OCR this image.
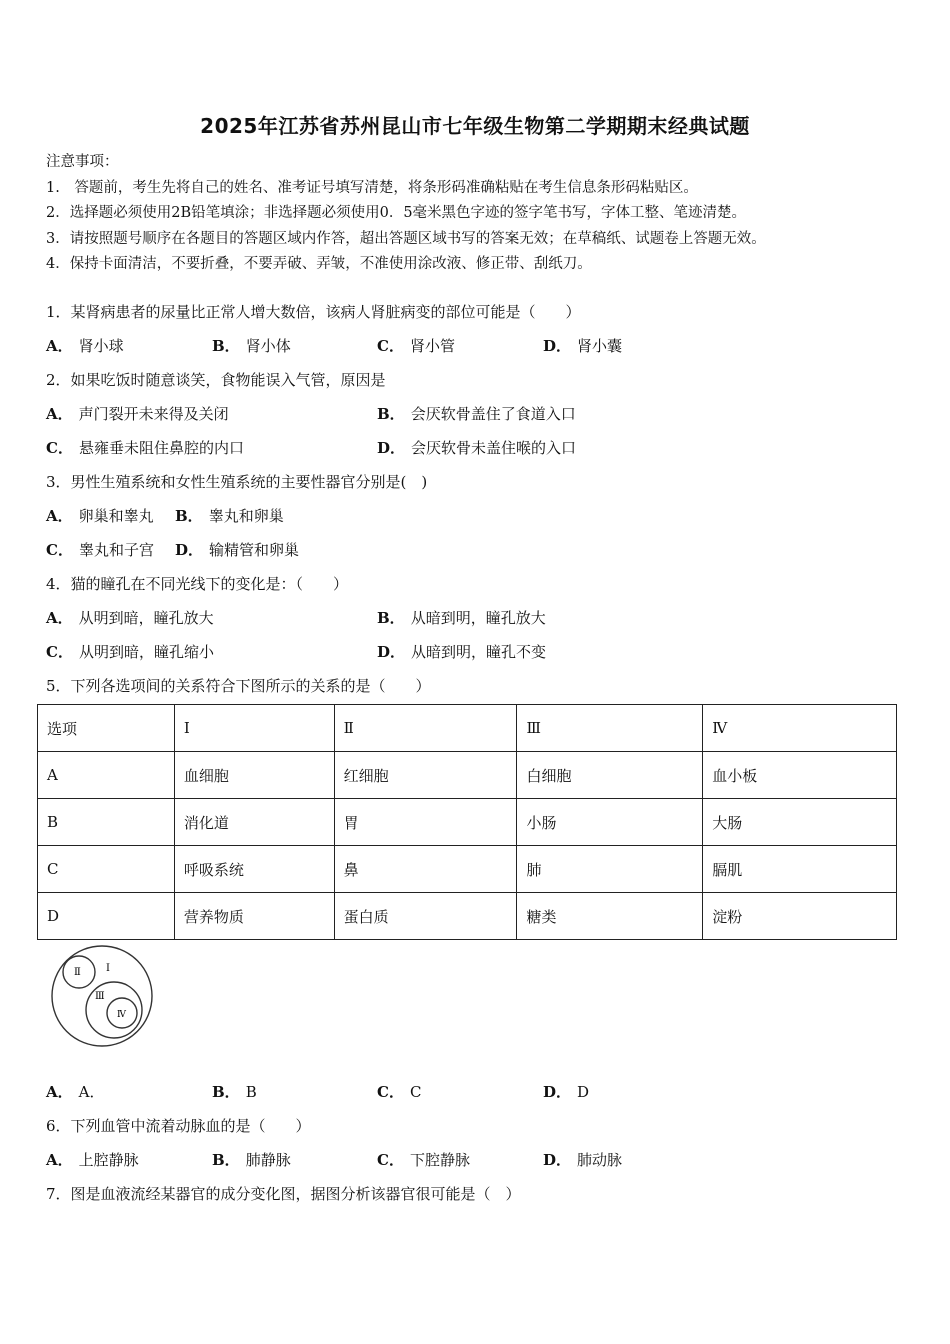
2025年江苏省苏州昆山市七年级生物第二学期期末经典试题
注意事项：
1.　答题前，考生先将自己的姓名、准考证号填写清楚，将条形码准确粘贴在考生信息条形码粘贴区。
2．选择题必须使用2B铅笔填涂；非选择题必须使用0．5毫米黑色字迹的签字笔书写，字体工整、笔迹清楚。
3．请按照题号顺序在各题目的答题区域内作答，超出答题区域书写的答案无效；在草稿纸、试题卷上答题无效。
4．保持卡面清洁，不要折叠，不要弄破、弄皱，不准使用涂改液、修正带、刮纸刀。
1．某肾病患者的尿量比正常人增大数倍，该病人肾脏病变的部位可能是（　　）
A． 肾小球	B． 肾小体	C． 肾小管	D． 肾小囊
2．如果吃饭时随意谈笑，食物能误入气管，原因是
A． 声门裂开未来得及关闭	B． 会厌软骨盖住了食道入口
C． 悬雍垂未阻住鼻腔的内口	D． 会厌软骨未盖住喉的入口
3．男性生殖系统和女性生殖系统的主要性器官分别是(　)
A． 卵巢和睾丸 B． 睾丸和卵巢
C． 睾丸和子宫 D． 输精管和卵巢
4．猫的瞳孔在不同光线下的变化是：（　　）
A． 从明到暗，瞳孔放大	B． 从暗到明，瞳孔放大
C． 从明到暗，瞳孔缩小	D． 从暗到明，瞳孔不变
5．下列各选项间的关系符合下图所示的关系的是（　　）
选项	Ⅰ	Ⅱ	Ⅲ	Ⅳ
A	血细胞	红细胞	白细胞	血小板
B	消化道	胃	小肠	大肠
C	呼吸系统	鼻	肺	膈肌
D	营养物质	蛋白质	糖类	淀粉
Ⅰ
Ⅱ
Ⅲ
Ⅳ
A． A．	B． B	C． C	D． D
6．下列血管中流着动脉血的是（　　）
A． 上腔静脉	B． 肺静脉	C． 下腔静脉	D． 肺动脉
7．图是血液流经某器官的成分变化图，据图分析该器官很可能是（　）
